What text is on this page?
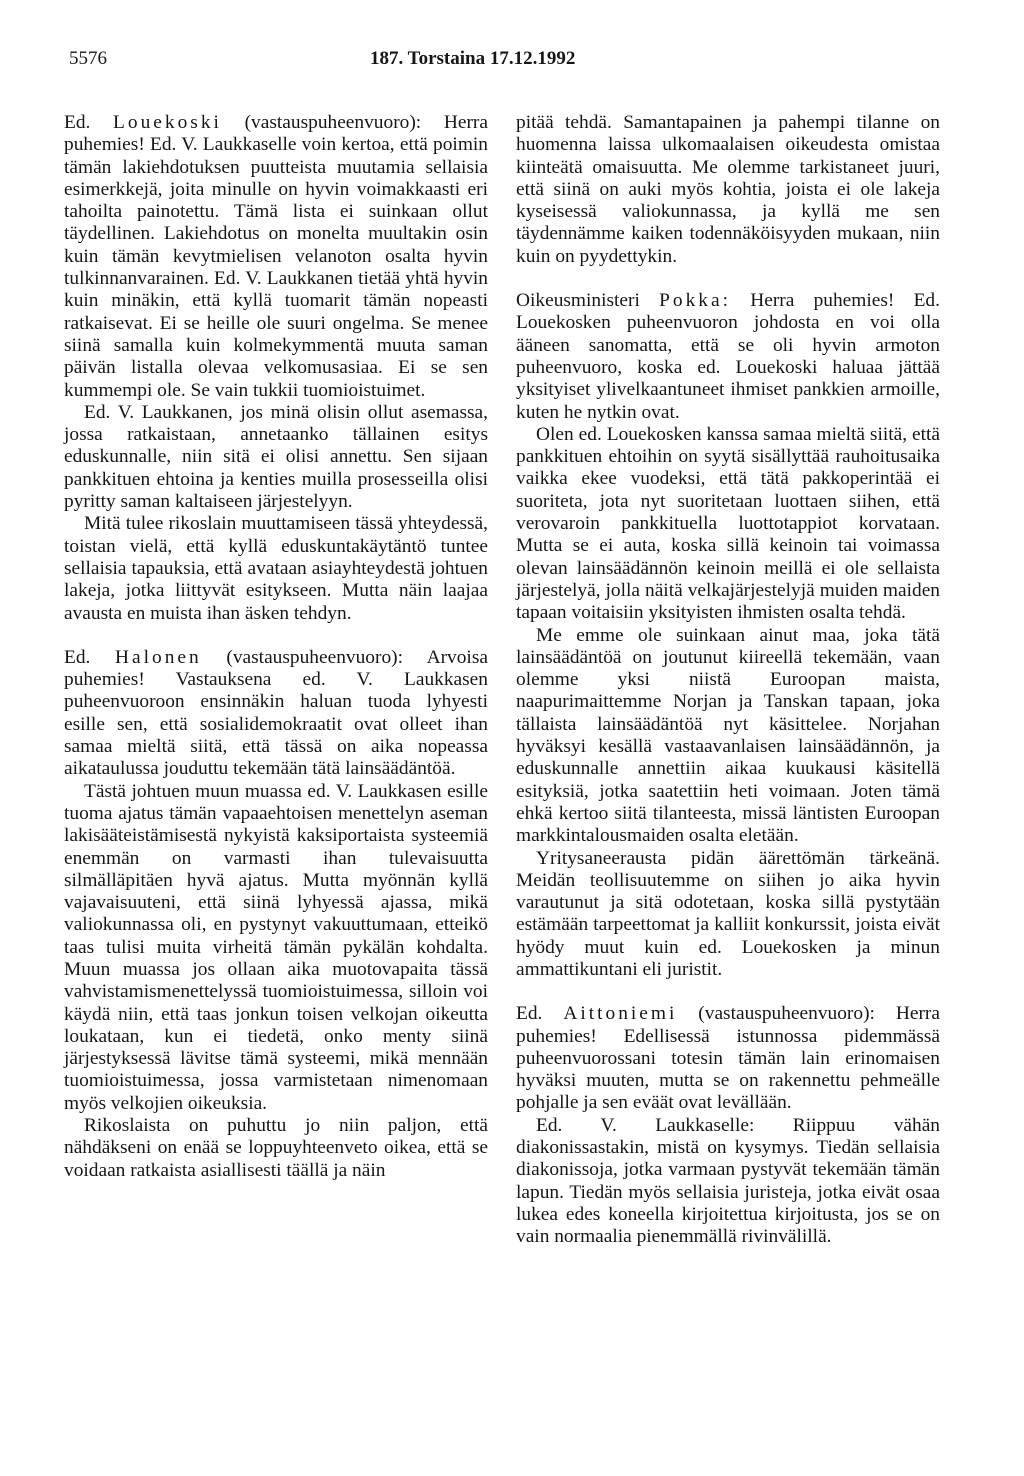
5576	187. Torstaina 17.12.1992

Ed. Louekoski (vastauspuheenvuoro): Herra puhemies! Ed. V. Laukkaselle voin kertoa, että poimin tämän lakiehdotuksen puutteista muutamia sellaisia esimerkkejä, joita minulle on hyvin voimakkaasti eri tahoilta painotettu. Tämä lista ei suinkaan ollut täydellinen. Lakiehdotus on monelta muultakin osin kuin tämän kevytmielisen velanoton osalta hyvin tulkinnanvarainen. Ed. V. Laukkanen tietää yhtä hyvin kuin minäkin, että kyllä tuomarit tämän nopeasti ratkaisevat. Ei se heille ole suuri ongelma. Se menee siinä samalla kuin kolmekymmentä muuta saman päivän listalla olevaa velkomusasiaa. Ei se sen kummempi ole. Se vain tukkii tuomioistuimet.

Ed. V. Laukkanen, jos minä olisin ollut asemassa, jossa ratkaistaan, annetaanko tällainen esitys eduskunnalle, niin sitä ei olisi annettu. Sen sijaan pankkituen ehtoina ja kenties muilla prosesseilla olisi pyritty saman kaltaiseen järjestelyyn.

Mitä tulee rikoslain muuttamiseen tässä yhteydessä, toistan vielä, että kyllä eduskuntakäytäntö tuntee sellaisia tapauksia, että avataan asiayhteydestä johtuen lakeja, jotka liittyvät esitykseen. Mutta näin laajaa avausta en muista ihan äsken tehdyn.

Ed. Halonen (vastauspuheenvuoro): Arvoisa puhemies! Vastauksena ed. V. Laukkasen puheenvuoroon ensinnäkin haluan tuoda lyhyesti esille sen, että sosialidemokraatit ovat olleet ihan samaa mieltä siitä, että tässä on aika nopeassa aikataulussa jouduttu tekemään tätä lainsäädäntöä.

Tästä johtuen muun muassa ed. V. Laukkasen esille tuoma ajatus tämän vapaaehtoisen menettelyn aseman lakisääteistämisestä nykyistä kaksiportaista systeemiä enemmän on varmasti ihan tulevaisuutta silmälläpitäen hyvä ajatus. Mutta myönnän kyllä vajavaisuuteni, että siinä lyhyessä ajassa, mikä valiokunnassa oli, en pystynyt vakuuttumaan, etteikö taas tulisi muita virheitä tämän pykälän kohdalta. Muun muassa jos ollaan aika muotovapaita tässä vahvistamismenettelyssä tuomioistuimessa, silloin voi käydä niin, että taas jonkun toisen velkojan oikeutta loukataan, kun ei tiedetä, onko menty siinä järjestyksessä lävitse tämä systeemi, mikä mennään tuomioistuimessa, jossa varmistetaan nimenomaan myös velkojien oikeuksia.

Rikoslaista on puhuttu jo niin paljon, että nähdäkseni on enää se loppuyhteenveto oikea, että se voidaan ratkaista asiallisesti täällä ja näin

pitää tehdä. Samantapainen ja pahempi tilanne on huomenna laissa ulkomaalaisen oikeudesta omistaa kiinteätä omaisuutta. Me olemme tarkistaneet juuri, että siinä on auki myös kohtia, joista ei ole lakeja kyseisessä valiokunnassa, ja kyllä me sen täydennämme kaiken todennäköisyyden mukaan, niin kuin on pyydettykin.

Oikeusministeri Pokka: Herra puhemies! Ed. Louekosken puheenvuoron johdosta en voi olla ääneen sanomatta, että se oli hyvin armoton puheenvuoro, koska ed. Louekoski haluaa jättää yksityiset ylivelkaantuneet ihmiset pankkien armoille, kuten he nytkin ovat.

Olen ed. Louekosken kanssa samaa mieltä siitä, että pankkituen ehtoihin on syytä sisällyttää rauhoitusaika vaikka ekee vuodeksi, että tätä pakkoperintää ei suoriteta, jota nyt suoritetaan luottaen siihen, että verovaroin pankkituella luottotappiot korvataan. Mutta se ei auta, koska sillä keinoin tai voimassa olevan lainsäädännön keinoin meillä ei ole sellaista järjestelyä, jolla näitä velkajärjestelyjä muiden maiden tapaan voitaisiin yksityisten ihmisten osalta tehdä.

Me emme ole suinkaan ainut maa, joka tätä lainsäädäntöä on joutunut kiireellä tekemään, vaan olemme yksi niistä Euroopan maista, naapurimaittemme Norjan ja Tanskan tapaan, joka tällaista lainsäädäntöä nyt käsittelee. Norjahan hyväksyi kesällä vastaavanlaisen lainsäädännön, ja eduskunnalle annettiin aikaa kuukausi käsitellä esityksiä, jotka saatettiin heti voimaan. Joten tämä ehkä kertoo siitä tilanteesta, missä läntisten Euroopan markkintalousmaiden osalta eletään.

Yritysaneerausta pidän äärettömän tärkeänä. Meidän teollisuutemme on siihen jo aika hyvin varautunut ja sitä odotetaan, koska sillä pystytään estämään tarpeettomat ja kalliit konkurssit, joista eivät hyödy muut kuin ed. Louekosken ja minun ammattikuntani eli juristit.

Ed. Aittoniemi (vastauspuheenvuoro): Herra puhemies! Edellisessä istunnossa pidemmässä puheenvuorossani totesin tämän lain erinomaisen hyväksi muuten, mutta se on rakennettu pehmeälle pohjalle ja sen eväät ovat levällään.

Ed. V. Laukkaselle: Riippuu vähän diakonissastakin, mistä on kysymys. Tiedän sellaisia diakonissoja, jotka varmaan pystyvät tekemään tämän lapun. Tiedän myös sellaisia juristeja, jotka eivät osaa lukea edes koneella kirjoitettua kirjoitusta, jos se on vain normaalia pienemmällä rivinvälillä.
